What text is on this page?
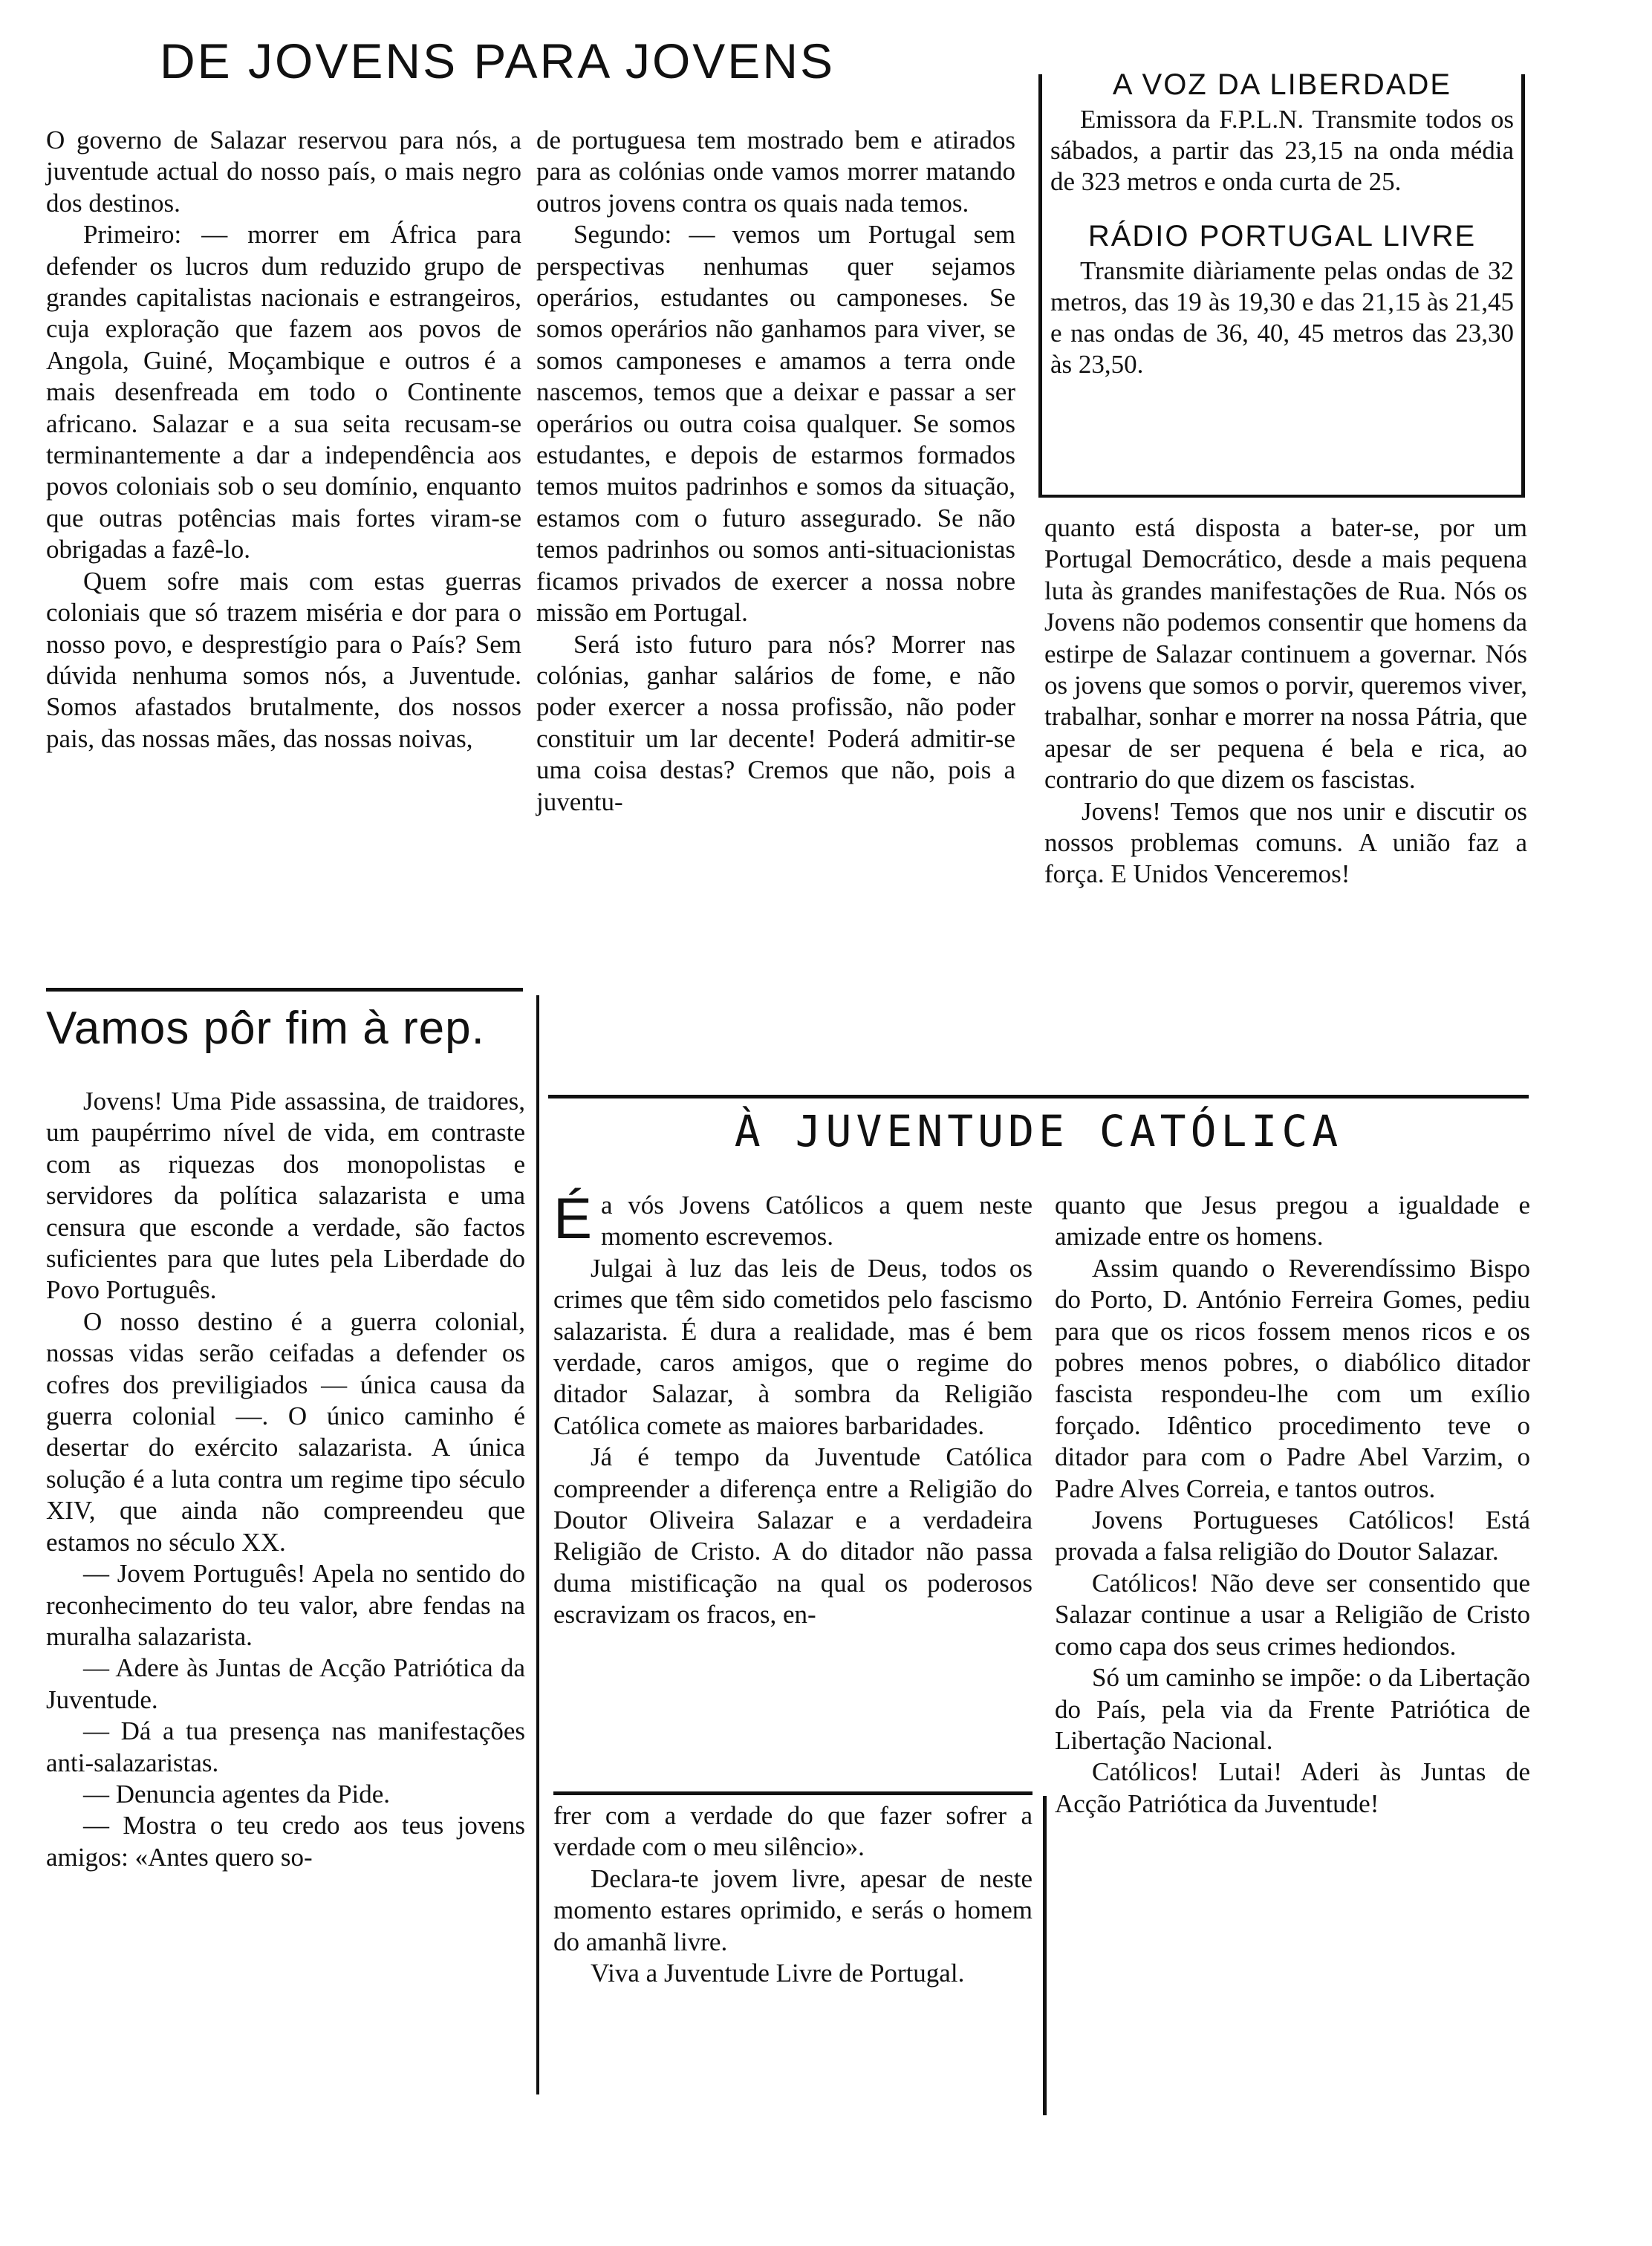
DE JOVENS PARA JOVENS

O governo de Salazar reservou para nós, a juventude actual do nosso país, o mais negro dos destinos.

Primeiro: — morrer em África para defender os lucros dum reduzido grupo de grandes capitalistas nacionais e estrangeiros, cuja exploração que fazem aos povos de Angola, Guiné, Moçambique e outros é a mais desenfreada em todo o Continente africano. Salazar e a sua seita recusam-se terminantemente a dar a independência aos povos coloniais sob o seu domínio, enquanto que outras potências mais fortes viram-se obrigadas a fazê-lo.

Quem sofre mais com estas guerras coloniais que só trazem miséria e dor para o nosso povo, e desprestígio para o País? Sem dúvida nenhuma somos nós, a Juventude. Somos afastados brutalmente, dos nossos pais, das nossas mães, das nossas noivas,

de portuguesa tem mostrado bem e atirados para as colónias onde vamos morrer matando outros jovens contra os quais nada temos.

Segundo: — vemos um Portugal sem perspectivas nenhumas quer sejamos operários, estudantes ou camponeses. Se somos operários não ganhamos para viver, se somos camponeses e amamos a terra onde nascemos, temos que a deixar e passar a ser operários ou outra coisa qualquer. Se somos estudantes, e depois de estarmos formados temos muitos padrinhos e somos da situação, estamos com o futuro assegurado. Se não temos padrinhos ou somos anti-situacionistas ficamos privados de exercer a nossa nobre missão em Portugal.

Será isto futuro para nós? Morrer nas colónias, ganhar salários de fome, e não poder exercer a nossa profissão, não poder constituir um lar decente! Poderá admitir-se uma coisa destas? Cremos que não, pois a juventu-

A VOZ DA LIBERDADE
Emissora da F.P.L.N. Transmite todos os sábados, a partir das 23,15 na onda média de 323 metros e onda curta de 25.
RÁDIO PORTUGAL LIVRE
Transmite diàriamente pelas ondas de 32 metros, das 19 às 19,30 e das 21,15 às 21,45 e nas ondas de 36, 40, 45 metros das 23,30 às 23,50.

quanto está disposta a bater-se, por um Portugal Democrático, desde a mais pequena luta às grandes manifestações de Rua. Nós os Jovens não podemos consentir que homens da estirpe de Salazar continuem a governar. Nós os jovens que somos o porvir, queremos viver, trabalhar, sonhar e morrer na nossa Pátria, que apesar de ser pequena é bela e rica, ao contrario do que dizem os fascistas.

Jovens! Temos que nos unir e discutir os nossos problemas comuns. A união faz a força. E Unidos Venceremos!

Vamos pôr fim à rep.

Jovens! Uma Pide assassina, de traidores, um paupérrimo nível de vida, em contraste com as riquezas dos monopolistas e servidores da política salazarista e uma censura que esconde a verdade, são factos suficientes para que lutes pela Liberdade do Povo Português.

O nosso destino é a guerra colonial, nossas vidas serão ceifadas a defender os cofres dos previligiados — única causa da guerra colonial —. O único caminho é desertar do exército salazarista. A única solução é a luta contra um regime tipo século XIV, que ainda não compreendeu que estamos no século XX.

— Jovem Português! Apela no sentido do reconhecimento do teu valor, abre fendas na muralha salazarista.

— Adere às Juntas de Acção Patriótica da Juventude.

— Dá a tua presença nas manifestações anti-salazaristas.

— Denuncia agentes da Pide.

— Mostra o teu credo aos teus jovens amigos: «Antes quero so-

À JUVENTUDE CATÓLICA

É a vós Jovens Católicos a quem neste momento escrevemos.

Julgai à luz das leis de Deus, todos os crimes que têm sido cometidos pelo fascismo salazarista. É dura a realidade, mas é bem verdade, caros amigos, que o regime do ditador Salazar, à sombra da Religião Católica comete as maiores barbaridades.

Já é tempo da Juventude Católica compreender a diferença entre a Religião do Doutor Oliveira Salazar e a verdadeira Religião de Cristo. A do ditador não passa duma mistificação na qual os poderosos escravizam os fracos, en-

frer com a verdade do que fazer sofrer a verdade com o meu silêncio».

Declara-te jovem livre, apesar de neste momento estares oprimido, e serás o homem do amanhã livre.

Viva a Juventude Livre de Portugal.

quanto que Jesus pregou a igualdade e amizade entre os homens.

Assim quando o Reverendíssimo Bispo do Porto, D. António Ferreira Gomes, pediu para que os ricos fossem menos ricos e os pobres menos pobres, o diabólico ditador fascista respondeu-lhe com um exílio forçado. Idêntico procedimento teve o ditador para com o Padre Abel Varzim, o Padre Alves Correia, e tantos outros.

Jovens Portugueses Católicos! Está provada a falsa religião do Doutor Salazar.

Católicos! Não deve ser consentido que Salazar continue a usar a Religião de Cristo como capa dos seus crimes hediondos.

Só um caminho se impõe: o da Libertação do País, pela via da Frente Patriótica de Libertação Nacional.

Católicos! Lutai! Aderi às Juntas de Acção Patriótica da Juventude!
